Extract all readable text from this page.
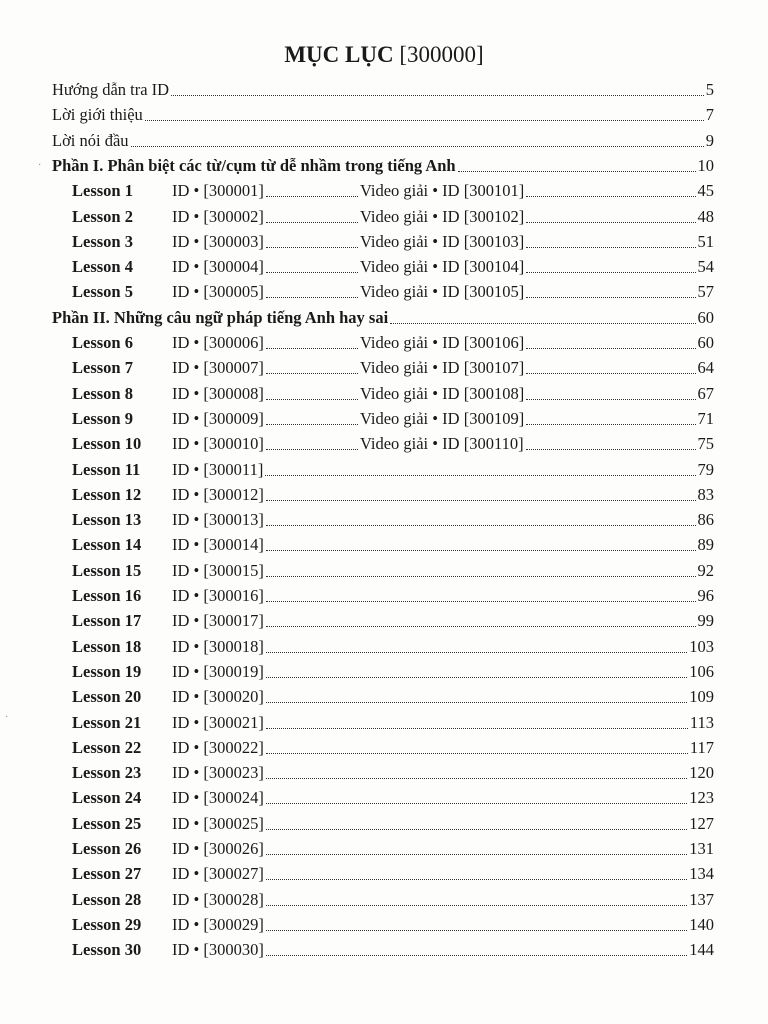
MỤC LỤC [300000]
Hướng dẫn tra ID	5
Lời giới thiệu	7
Lời nói đầu	9
Phần I. Phân biệt các từ/cụm từ dễ nhầm trong tiếng Anh	10
Lesson 1	ID • [300001]	Video giải • ID [300101]	45
Lesson 2	ID • [300002]	Video giải • ID [300102]	48
Lesson 3	ID • [300003]	Video giải • ID [300103]	51
Lesson 4	ID • [300004]	Video giải • ID [300104]	54
Lesson 5	ID • [300005]	Video giải • ID [300105]	57
Phần II. Những câu ngữ pháp tiếng Anh hay sai	60
Lesson 6	ID • [300006]	Video giải • ID [300106]	60
Lesson 7	ID • [300007]	Video giải • ID [300107]	64
Lesson 8	ID • [300008]	Video giải • ID [300108]	67
Lesson 9	ID • [300009]	Video giải • ID [300109]	71
Lesson 10	ID • [300010]	Video giải • ID [300110]	75
Lesson 11	ID • [300011]	79
Lesson 12	ID • [300012]	83
Lesson 13	ID • [300013]	86
Lesson 14	ID • [300014]	89
Lesson 15	ID • [300015]	92
Lesson 16	ID • [300016]	96
Lesson 17	ID • [300017]	99
Lesson 18	ID • [300018]	103
Lesson 19	ID • [300019]	106
Lesson 20	ID • [300020]	109
Lesson 21	ID • [300021]	113
Lesson 22	ID • [300022]	117
Lesson 23	ID • [300023]	120
Lesson 24	ID • [300024]	123
Lesson 25	ID • [300025]	127
Lesson 26	ID • [300026]	131
Lesson 27	ID • [300027]	134
Lesson 28	ID • [300028]	137
Lesson 29	ID • [300029]	140
Lesson 30	ID • [300030]	144
·
·
